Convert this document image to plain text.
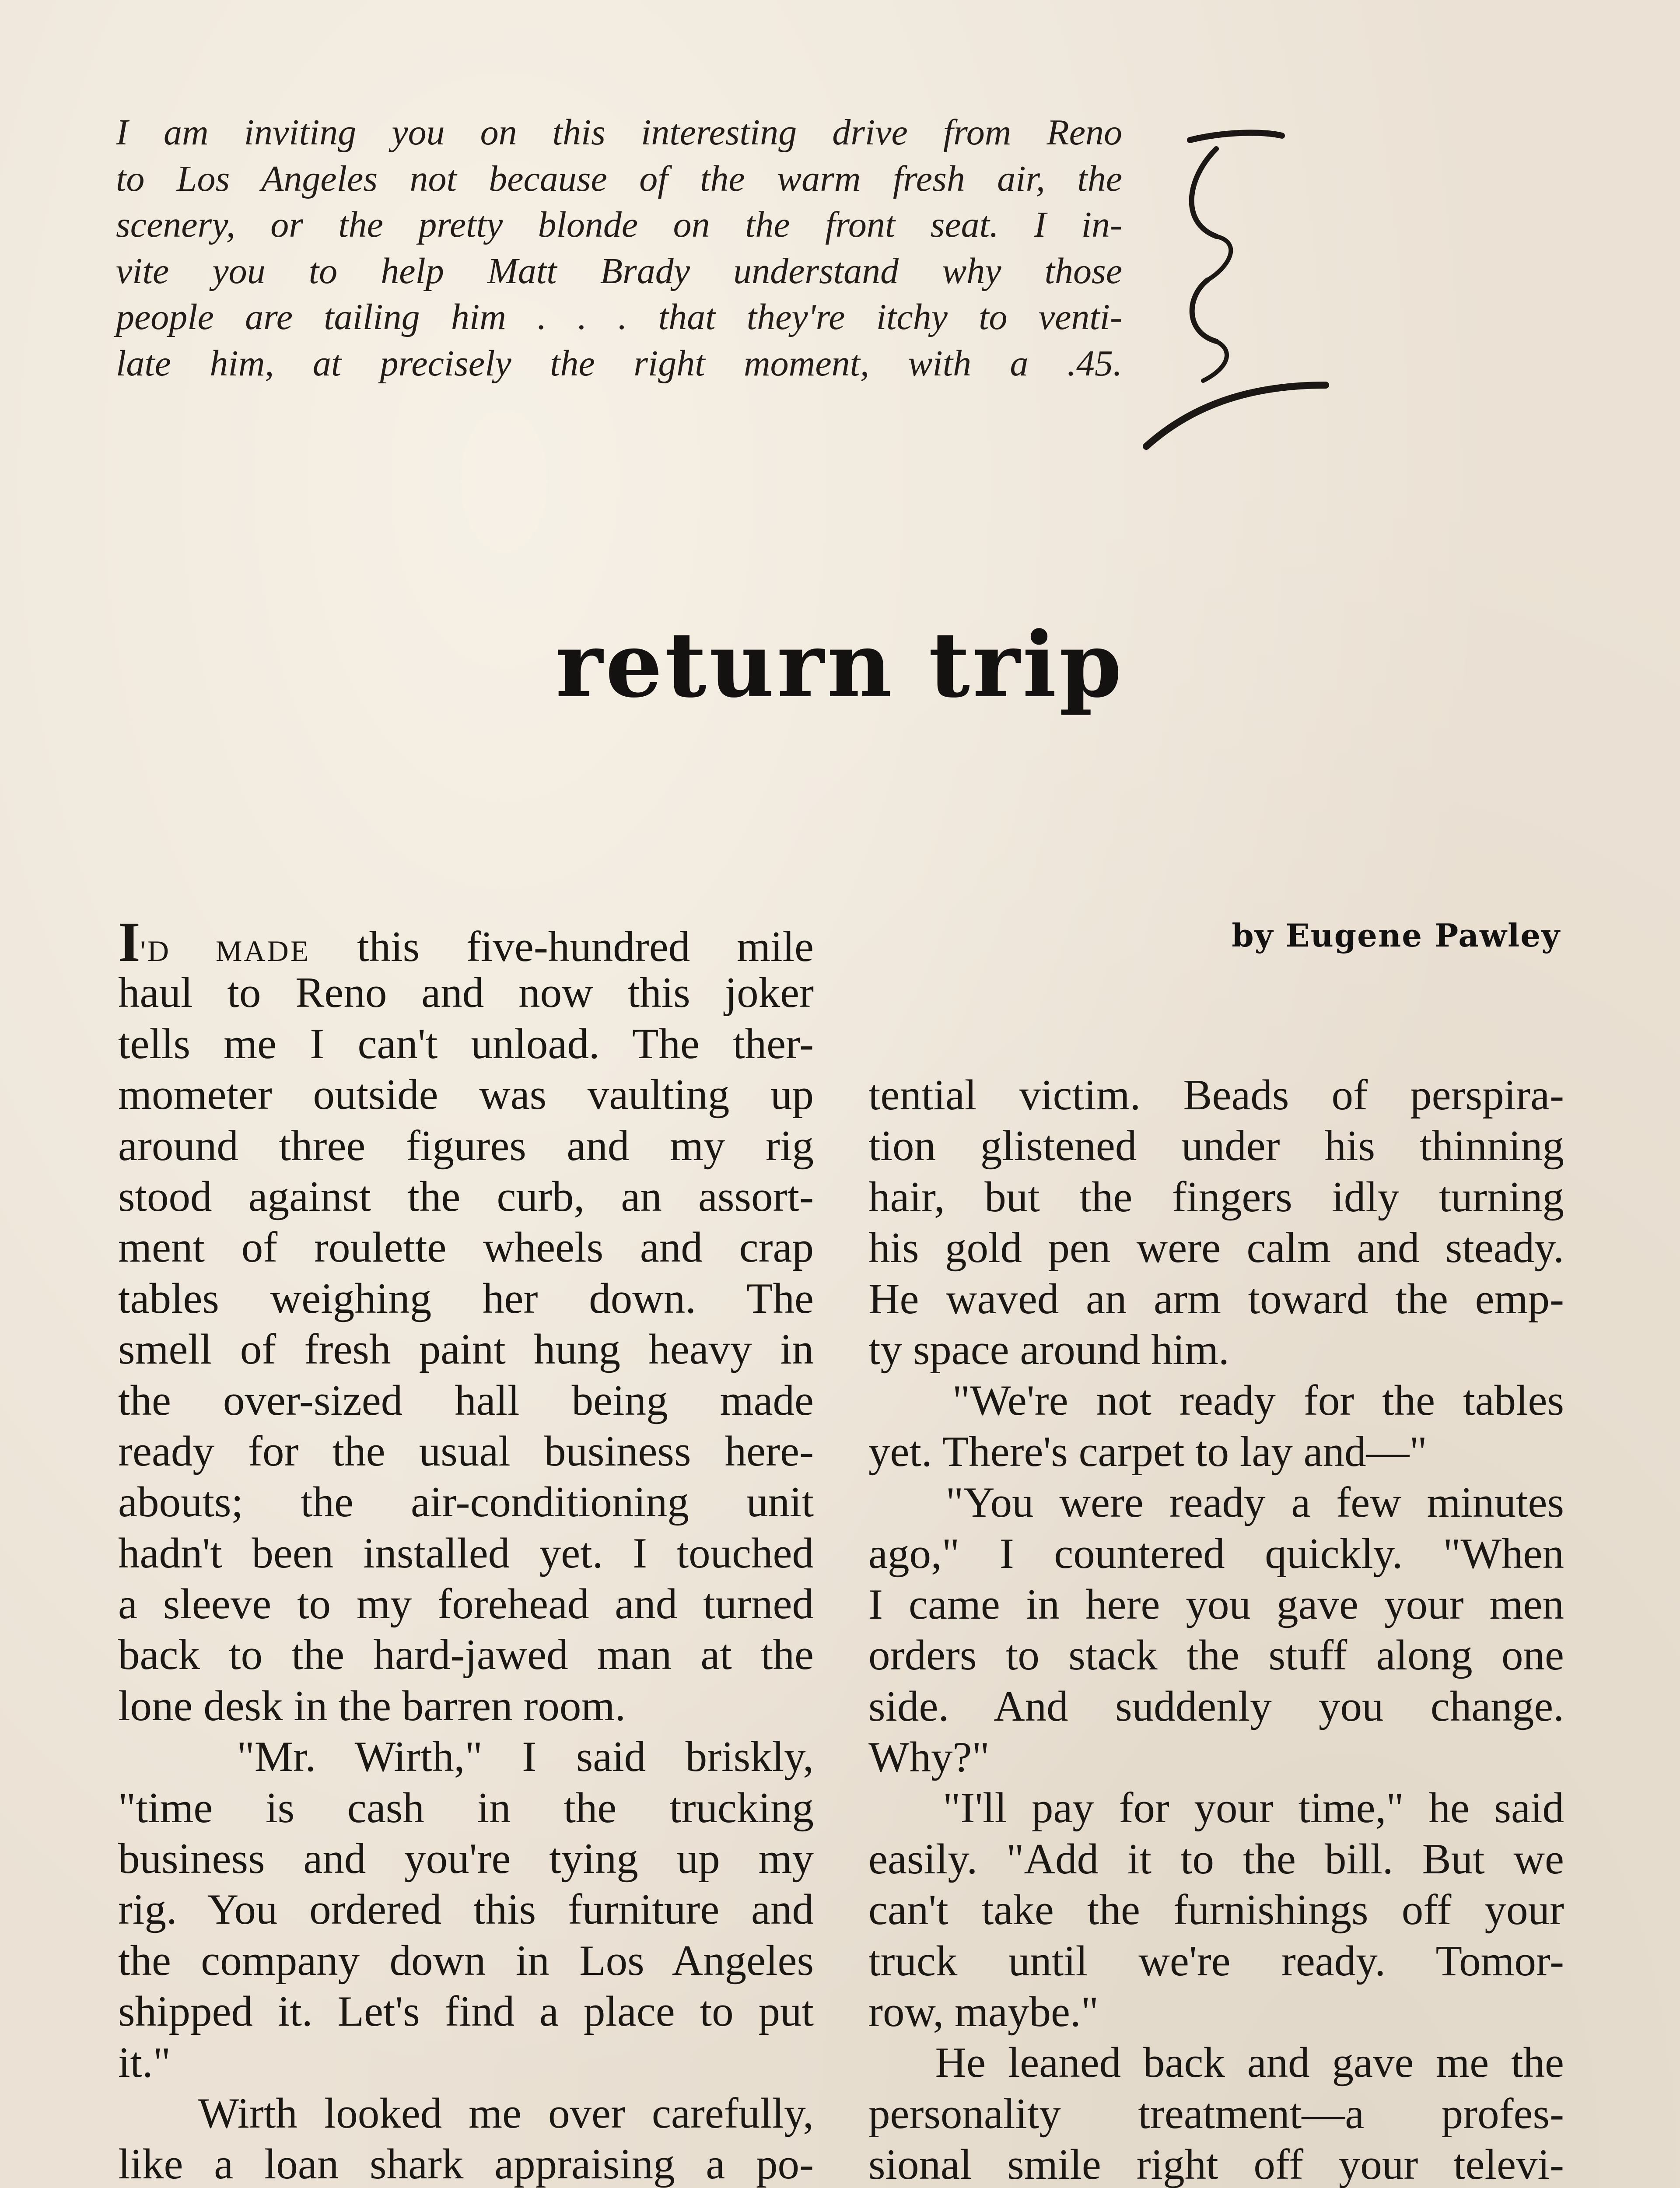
I am inviting you on this interesting drive from Reno
to Los Angeles not because of the warm fresh air, the
scenery, or the pretty blonde on the front seat. I in-
vite you to help Matt Brady understand why those
people are tailing him . . . that they're itchy to venti-
late him, at precisely the right moment, with a .45.
return trip
by Eugene Pawley
I'D MADE this five-hundred mile
haul to Reno and now this joker
tells me I can't unload. The ther-
mometer outside was vaulting up
around three figures and my rig
stood against the curb, an assort-
ment of roulette wheels and crap
tables weighing her down. The
smell of fresh paint hung heavy in
the over-sized hall being made
ready for the usual business here-
abouts; the air-conditioning unit
hadn't been installed yet. I touched
a sleeve to my forehead and turned
back to the hard-jawed man at the
lone desk in the barren room.
"Mr. Wirth," I said briskly,
"time is cash in the trucking
business and you're tying up my
rig. You ordered this furniture and
the company down in Los Angeles
shipped it. Let's find a place to put
it."
Wirth looked me over carefully,
like a loan shark appraising a po-
tential victim. Beads of perspira-
tion glistened under his thinning
hair, but the fingers idly turning
his gold pen were calm and steady.
He waved an arm toward the emp-
ty space around him.
"We're not ready for the tables
yet. There's carpet to lay and—"
"You were ready a few minutes
ago," I countered quickly. "When
I came in here you gave your men
orders to stack the stuff along one
side. And suddenly you change.
Why?"
"I'll pay for your time," he said
easily. "Add it to the bill. But we
can't take the furnishings off your
truck until we're ready. Tomor-
row, maybe."
He leaned back and gave me the
personality treatment—a profes-
sional smile right off your televi-
